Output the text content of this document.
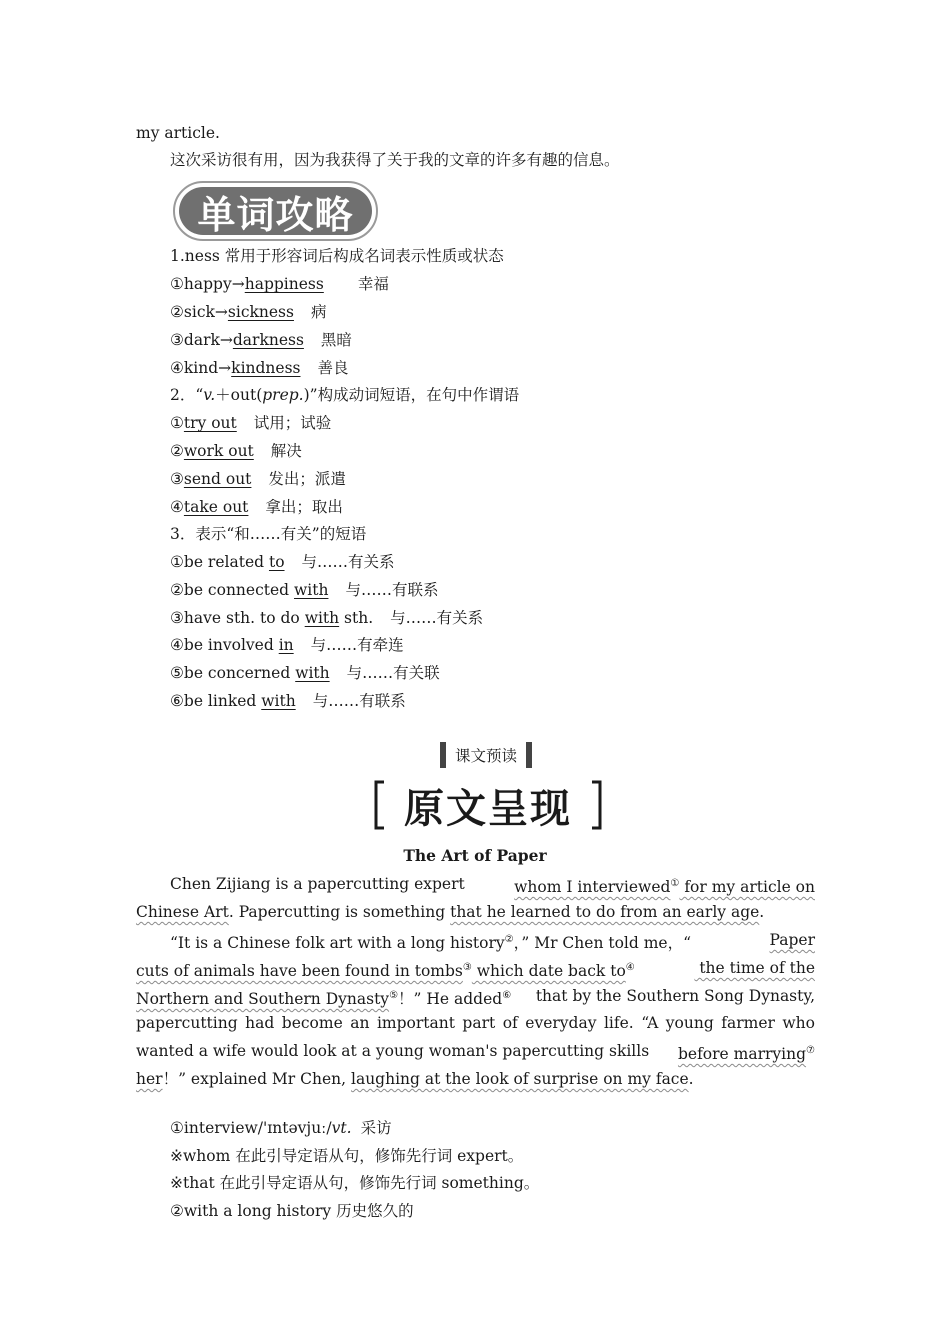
my article.
这次采访很有用，因为我获得了关于我的文章的许多有趣的信息。
单词攻略
1.ness 常用于形容词后构成名词表示性质或状态
①happy→happiness 幸福
②sick→sickness 病
③dark→darkness 黑暗
④kind→kindness 善良
2．“v.＋out(prep.)”构成动词短语，在句中作谓语
①try out 试用；试验
②work out 解决
③send out 发出；派遣
④take out 拿出；取出
3．表示“和……有关”的短语
①be related to 与……有关系
②be connected with 与……有联系
③have sth. to do with sth. 与……有关系
④be involved in 与……有牵连
⑤be concerned with 与……有关联
⑥be linked with 与……有联系
课文预读
原文呈现
The Art of Paper
Chen Zijiang is a papercutting expert	whom I interviewed① for my article on
Chinese Art. Papercutting is something that he learned to do from an early age.
“It is a Chinese folk art with a long history②，” Mr Chen told me，“	Paper
cuts of animals have been found in tombs③ which date back to④	the time of the
Northern and Southern Dynasty⑤！” He added⑥ that by the Southern Song Dynasty,
papercutting had become an important part of everyday life. “A young farmer who
wanted a wife would look at a young woman's papercutting skills before marrying⑦
her！” explained Mr Chen, laughing at the look of surprise on my face.
①interview/'ɪntəvjuː/vt. 采访
※whom 在此引导定语从句，修饰先行词 expert。
※that 在此引导定语从句，修饰先行词 something。
②with a long history 历史悠久的
